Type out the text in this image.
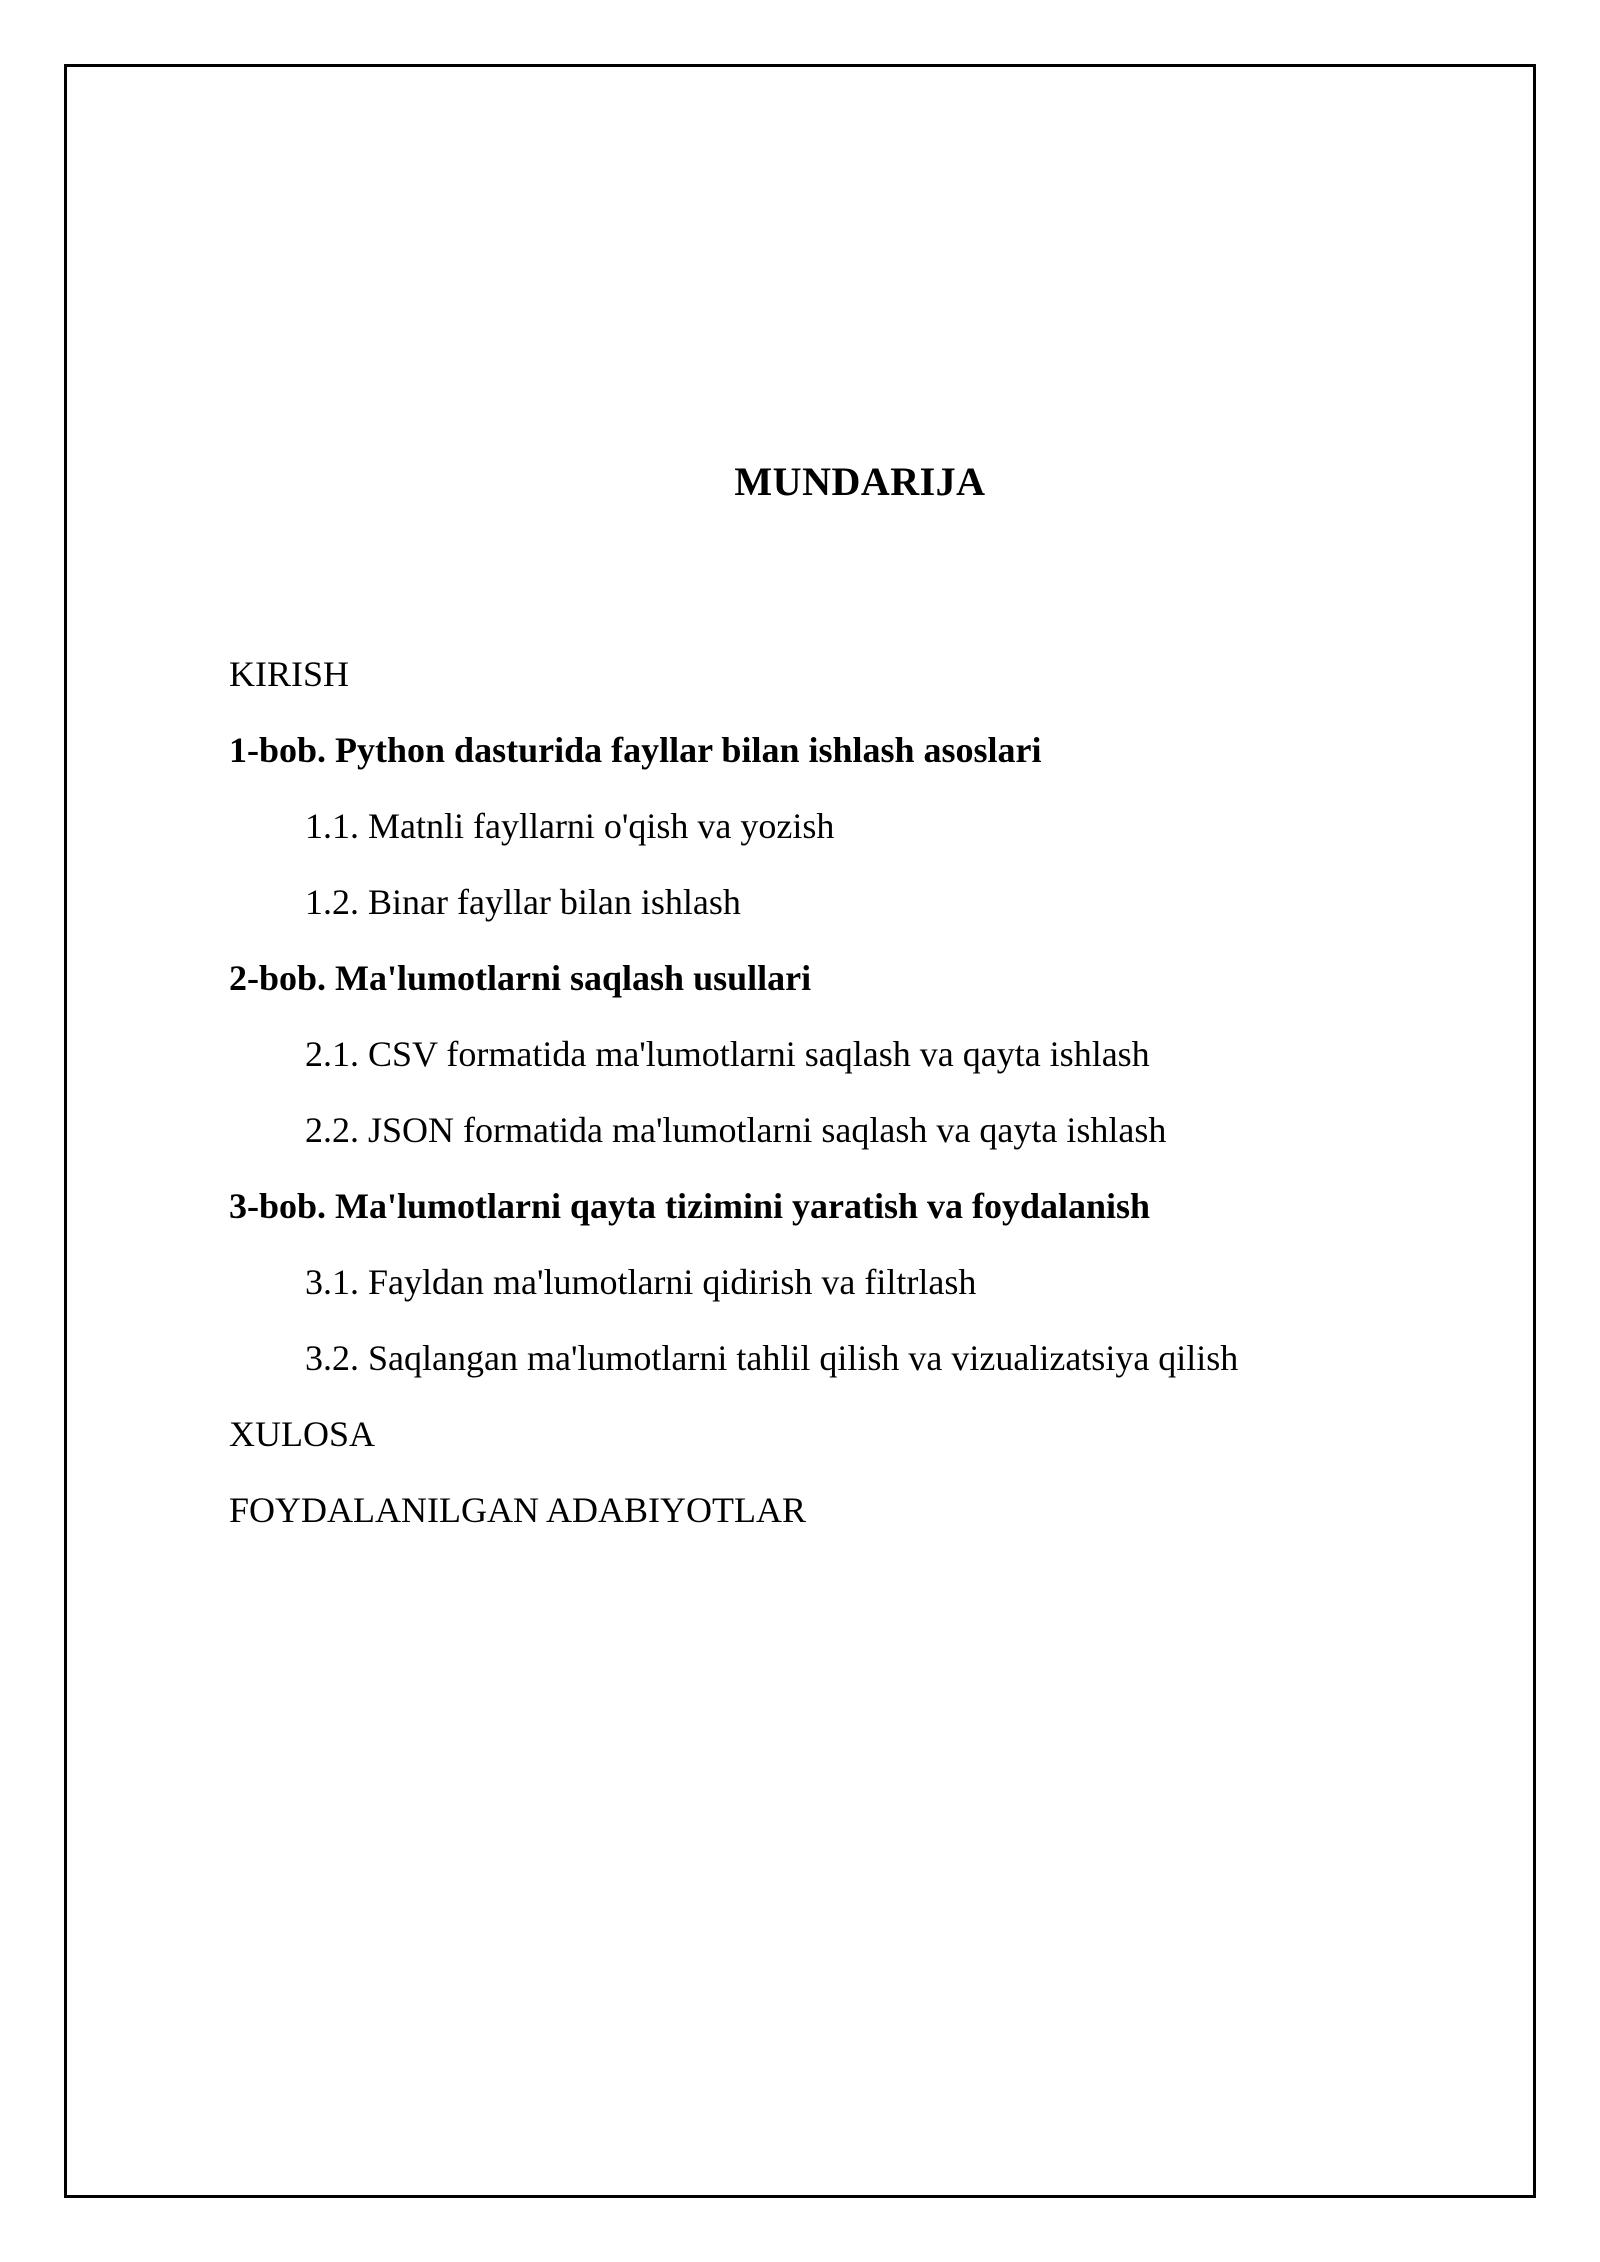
MUNDARIJA
KIRISH
1-bob. Python dasturida fayllar bilan ishlash asoslari
1.1. Matnli fayllarni o'qish va yozish
1.2. Binar fayllar bilan ishlash
2-bob. Ma'lumotlarni saqlash usullari
2.1. CSV formatida ma'lumotlarni saqlash va qayta ishlash
2.2. JSON formatida ma'lumotlarni saqlash va qayta ishlash
3-bob. Ma'lumotlarni qayta tizimini yaratish va foydalanish
3.1. Fayldan ma'lumotlarni qidirish va filtrlash
3.2. Saqlangan ma'lumotlarni tahlil qilish va vizualizatsiya qilish
XULOSA
FOYDALANILGAN ADABIYOTLAR
